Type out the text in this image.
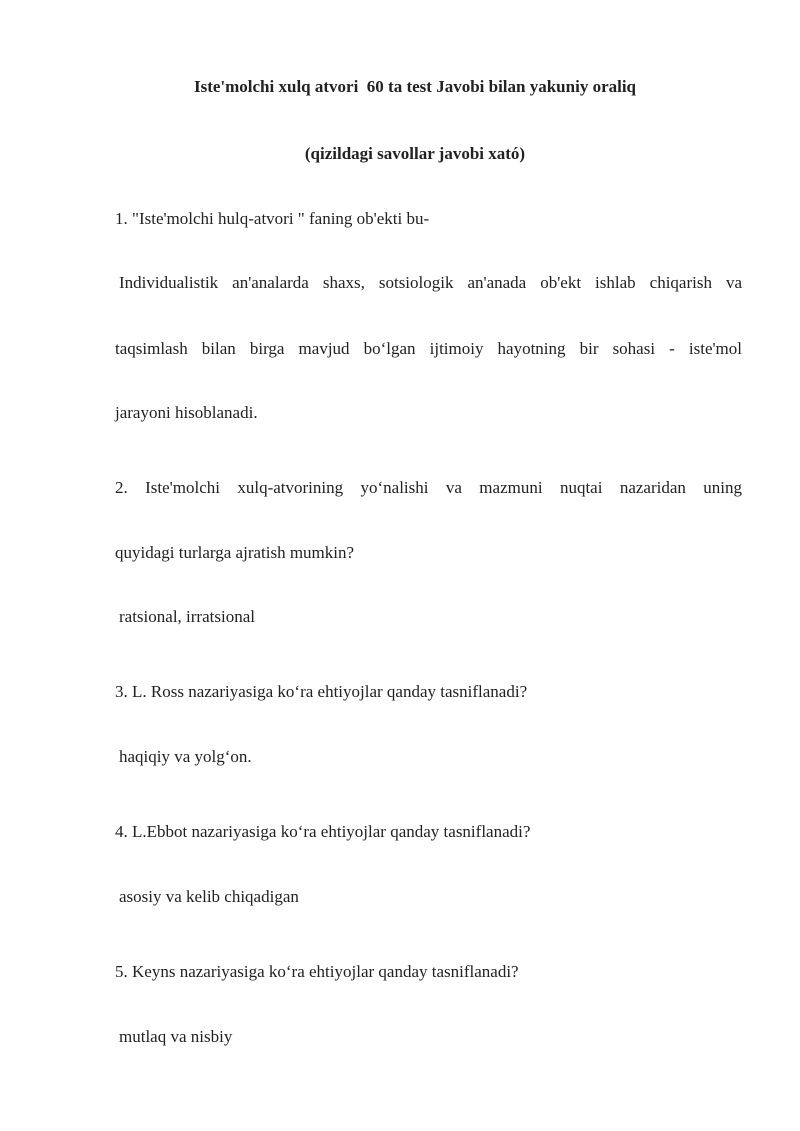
Iste'molchi xulq atvori  60 ta test Javobi bilan yakuniy oraliq
(qizildagi savollar javobi xató)
1. "Iste'molchi hulq-atvori " faning ob'ekti bu-
Individualistik an'analarda shaxs, sotsiologik an'anada ob'ekt ishlab chiqarish va
taqsimlash bilan birga mavjud bo‘lgan ijtimoiy hayotning bir sohasi - iste'mol
jarayoni hisoblanadi.
2. Iste'molchi xulq-atvorining yo‘nalishi va mazmuni nuqtai nazaridan uning
quyidagi turlarga ajratish mumkin?
ratsional, irratsional
3. L. Ross nazariyasiga ko‘ra ehtiyojlar qanday tasniflanadi?
haqiqiy va yolg‘on.
4. L.Ebbot nazariyasiga ko‘ra ehtiyojlar qanday tasniflanadi?
asosiy va kelib chiqadigan
5. Keyns nazariyasiga ko‘ra ehtiyojlar qanday tasniflanadi?
mutlaq va nisbiy
